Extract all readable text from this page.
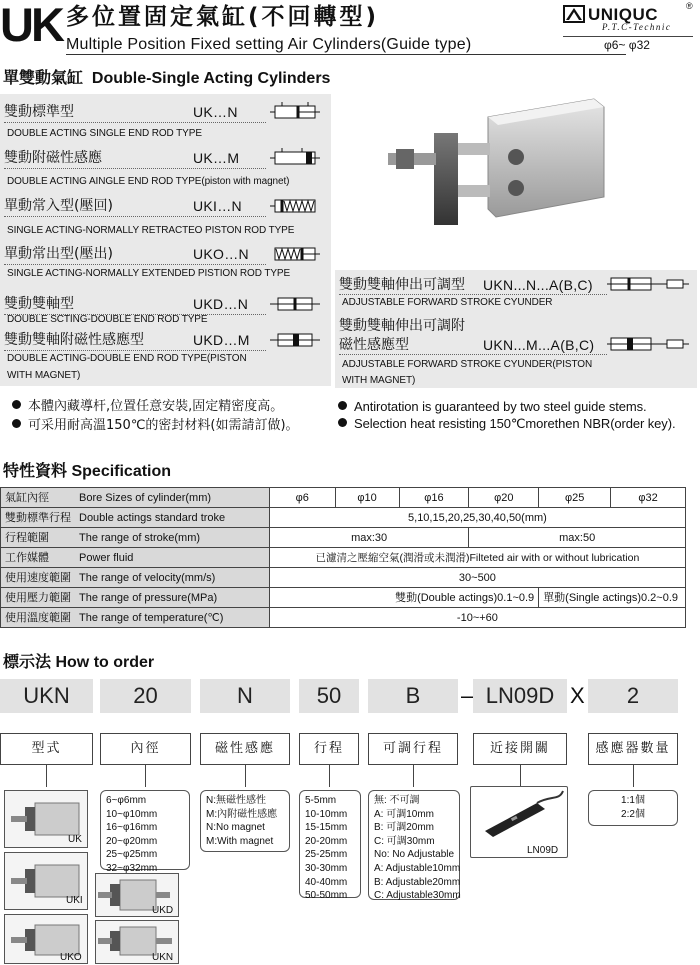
UK 多位置固定氣缸(不回轉型)
Multiple Position Fixed setting Air Cylinders(Guide type)
UNIQUC	®
P.T.C-Technic
φ6~ φ32
單雙動氣缸 Double-Single Acting Cylinders
雙動標準型	UK…N
DOUBLE ACTING SINGLE END ROD TYPE
雙動附磁性感應	UK…M
DOUBLE ACTING AINGLE END ROD TYPE(piston with magnet)
單動常入型(壓回)	UKI…N
SINGLE ACTING-NORMALLY RETRACTEO PISTON ROD TYPE
單動常出型(壓出)	UKO…N
SINGLE ACTING-NORMALLY EXTENDED PISTION ROD TYPE
雙動雙軸型	UKD…N
DOUBLE SCTING-DOUBLE END ROD TYPE
雙動雙軸附磁性感應型	UKD…M
DOUBLE ACTING-DOUBLE END ROD TYPE(PISTON
WITH MAGNET)
雙動雙軸伸出可調型 UKN...N...A(B,C)
ADJUSTABLE FORWARD STROKE CYUNDER
雙動雙軸伸出可調附
磁性感應型	UKN...M...A(B,C)
ADJUSTABLE FORWARD STROKE CYUNDER(PISTON
WITH MAGNET)
本體內藏導杆,位置任意安裝,固定精密度高。
可采用耐高溫150℃的密封材料(如需請訂做)。
Antirotation is guaranteed by two steel guide stems.
Selection heat resisting 150℃morethen NBR(order key).
特性資料 Specification
氣缸內徑 Bore Sizes of cylinder(mm)	φ6	φ10	φ16	φ20	φ25	φ32
雙動標準行程 Double actings standard troke	5,10,15,20,25,30,40,50(mm)					
行程範圍 The range of stroke(mm)	max:30			max:50		
工作媒體 Power fluid	已濾清之壓縮空氣(潤滑或未潤滑)Filteted air with or without lubrication					
使用速度範圍 The range of velocity(mm/s)	30~500					
使用壓力範圍 The range of pressure(MPa)	雙動(Double actings)0.1~0.9				單動(Single actings)0.2~0.9	
使用溫度範圍 The range of temperature(℃)	-10~+60					
標示法 How to order
UKN	20	N	50	B	– LN09D X	2
型式	內徑	磁性感應	行程	可調行程	近接開關	感應器數量
UK
UKI
UKD
UKO	UKN
6~φ6mm
10~φ10mm
16~φ16mm
20~φ20mm
25~φ25mm
32~φ32mm
N:無磁性感性
M:內附磁性感應
N:No magnet
M:With magnet
5-5mm
10-10mm
15-15mm
20-20mm
25-25mm
30-30mm
40-40mm
50-50mm
無: 不可調
A: 可調10mm
B: 可調20mm
C: 可調30mm
No: No Adjustable
A: Adjustable10mm
B: Adjustable20mm
C: Adjustable30mm
LN09D
1:1個
2:2個
